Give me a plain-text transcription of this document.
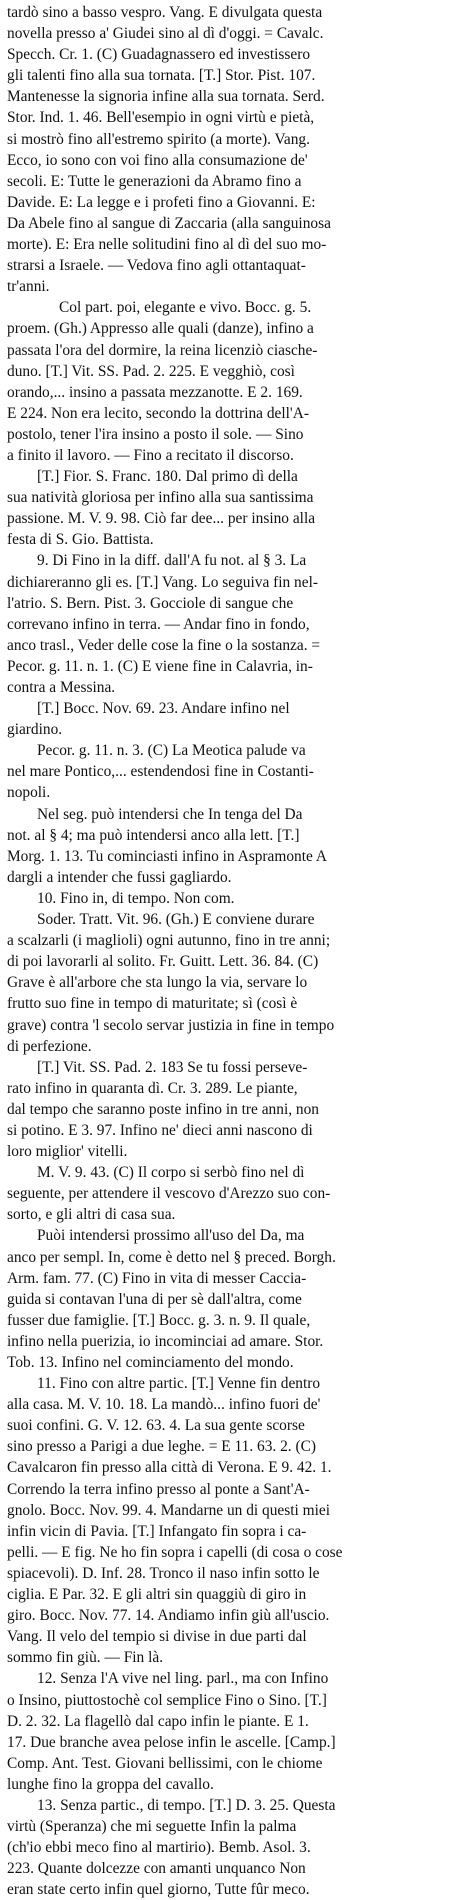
tardò sino a basso vespro. Vang. E divulgata questa
novella presso a' Giudei sino al dì d'oggi. = Cavalc.
Specch. Cr. 1. (C) Guadagnassero ed investissero
gli talenti fino alla sua tornata. [T.] Stor. Pist. 107.
Mantenesse la signoria infine alla sua tornata. Serd.
Stor. Ind. 1. 46. Bell'esempio in ogni virtù e pietà,
si mostrò fino all'estremo spirito (a morte). Vang.
Ecco, io sono con voi fino alla consumazione de'
secoli. E: Tutte le generazioni da Abramo fino a
Davide. E: La legge e i profeti fino a Giovanni. E:
Da Abele fino al sangue di Zaccaria (alla sanguinosa
morte). E: Era nelle solitudini fino al dì del suo mo-
strarsi a Israele. — Vedova fino agli ottantaquat-
tr'anni.
Col part. poi, elegante e vivo. Bocc. g. 5.
proem. (Gh.) Appresso alle quali (danze), infino a
passata l'ora del dormire, la reina licenziò ciasche-
duno. [T.] Vit. SS. Pad. 2. 225. E vegghiò, così
orando,... insino a passata mezzanotte. E 2. 169.
E 224. Non era lecito, secondo la dottrina dell'A-
postolo, tener l'ira insino a posto il sole. — Sino
a finito il lavoro. — Fino a recitato il discorso.
[T.] Fior. S. Franc. 180. Dal primo dì della
sua natività gloriosa per infino alla sua santissima
passione. M. V. 9. 98. Ciò far dee... per insino alla
festa di S. Gio. Battista.
9. Di Fino in la diff. dall'A fu not. al § 3. La
dichiareranno gli es. [T.] Vang. Lo seguiva fin nel-
l'atrio. S. Bern. Pist. 3. Gocciole di sangue che
correvano infino in terra. — Andar fino in fondo,
anco trasl., Veder delle cose la fine o la sostanza. =
Pecor. g. 11. n. 1. (C) E viene fine in Calavria, in-
contra a Messina.
[T.] Bocc. Nov. 69. 23. Andare infino nel
giardino.
Pecor. g. 11. n. 3. (C) La Meotica palude va
nel mare Pontico,... estendendosi fine in Costanti-
nopoli.
Nel seg. può intendersi che In tenga del Da
not. al § 4; ma può intendersi anco alla lett. [T.]
Morg. 1. 13. Tu cominciasti infino in Aspramonte A
dargli a intender che fussi gagliardo.
10. Fino in, di tempo. Non com.
Soder. Tratt. Vit. 96. (Gh.) E conviene durare
a scalzarli (i maglioli) ogni autunno, fino in tre anni;
di poi lavorarli al solito. Fr. Guitt. Lett. 36. 84. (C)
Grave è all'arbore che sta lungo la via, servare lo
frutto suo fine in tempo di maturitate; sì (così è
grave) contra 'l secolo servar justizia in fine in tempo
di perfezione.
[T.] Vit. SS. Pad. 2. 183 Se tu fossi perseve-
rato infino in quaranta dì. Cr. 3. 289. Le piante,
dal tempo che saranno poste infino in tre anni, non
si potino. E 3. 97. Infino ne' dieci anni nascono di
loro miglior' vitelli.
M. V. 9. 43. (C) Il corpo si serbò fino nel dì
seguente, per attendere il vescovo d'Arezzo suo con-
sorto, e gli altri di casa sua.
Puòi intendersi prossimo all'uso del Da, ma
anco per sempl. In, come è detto nel § preced. Borgh.
Arm. fam. 77. (C) Fino in vita di messer Caccia-
guida si contavan l'una di per sè dall'altra, come
fusser due famiglie. [T.] Bocc. g. 3. n. 9. Il quale,
infino nella puerizia, io incominciai ad amare. Stor.
Tob. 13. Infino nel cominciamento del mondo.
11. Fino con altre partic. [T.] Venne fin dentro
alla casa. M. V. 10. 18. La mandò... infino fuori de'
suoi confini. G. V. 12. 63. 4. La sua gente scorse
sino presso a Parigi a due leghe. = E 11. 63. 2. (C)
Cavalcaron fin presso alla città di Verona. E 9. 42. 1.
Correndo la terra infino presso al ponte a Sant'A-
gnolo. Bocc. Nov. 99. 4. Mandarne un di questi miei
infin vicin di Pavia. [T.] Infangato fin sopra i ca-
pelli. — E fig. Ne ho fin sopra i capelli (di cosa o cose
spiacevoli). D. Inf. 28. Tronco il naso infin sotto le
ciglia. E Par. 32. E gli altri sin quaggiù di giro in
giro. Bocc. Nov. 77. 14. Andiamo infin giù all'uscio.
Vang. Il velo del tempio si divise in due parti dal
sommo fin giù. — Fin là.
12. Senza l'A vive nel ling. parl., ma con Infino
o Insino, piuttostochè col semplice Fino o Sino. [T.]
D. 2. 32. La flagellò dal capo infin le piante. E 1.
17. Due branche avea pelose infin le ascelle. [Camp.]
Comp. Ant. Test. Giovani bellissimi, con le chiome
lunghe fino la groppa del cavallo.
13. Senza partic., di tempo. [T.] D. 3. 25. Questa
virtù (Speranza) che mi seguette Infin la palma
(ch'io ebbi meco fino al martirio). Bemb. Asol. 3.
223. Quante dolcezze con amanti unquanco Non
eran state certo infin quel giorno, Tutte fûr meco.
